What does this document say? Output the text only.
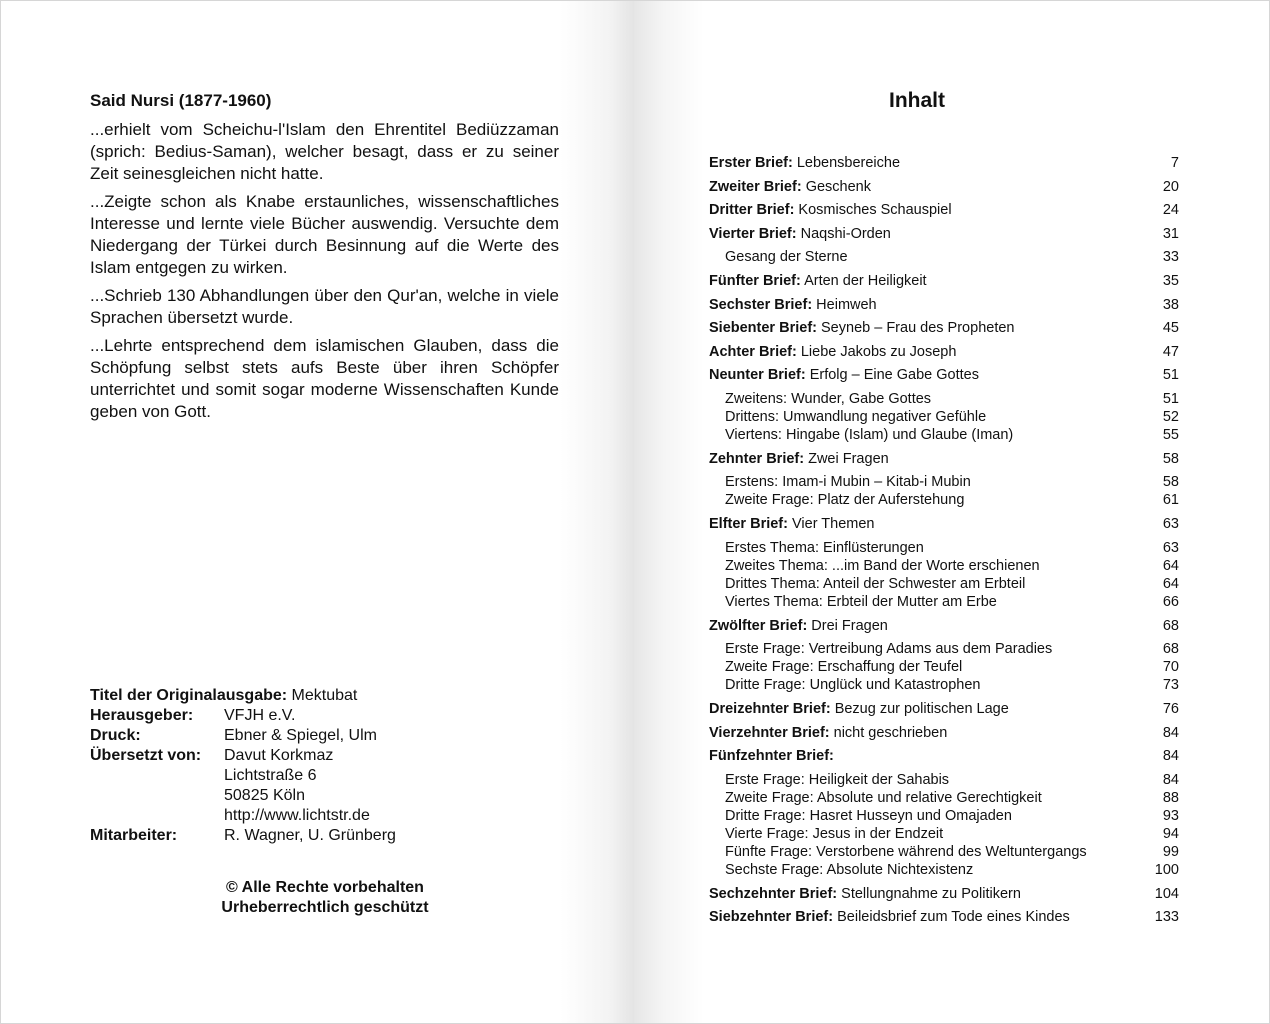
Said Nursi (1877-1960)

...erhielt vom Scheichu-l'Islam den Ehrentitel Bediüzzaman (sprich: Bedius-Saman), welcher besagt, dass er zu seiner Zeit seinesgleichen nicht hatte.

...Zeigte schon als Knabe erstaunliches, wissenschaftliches Interesse und lernte viele Bücher auswendig. Versuchte dem Niedergang der Türkei durch Besinnung auf die Werte des Islam entgegen zu wirken.

...Schrieb 130 Abhandlungen über den Qur'an, welche in viele Sprachen übersetzt wurde.

...Lehrte entsprechend dem islamischen Glauben, dass die Schöpfung selbst stets aufs Beste über ihren Schöpfer unterrichtet und somit sogar moderne Wissenschaften Kunde geben von Gott.

Titel der Originalausgabe:
Mektubat
Herausgeber:	VFJH e.V.
Druck:	Ebner & Spiegel, Ulm
Übersetzt von:	Davut Korkmaz
Lichtstraße 6
50825 Köln
http://www.lichtstr.de
Mitarbeiter:	R. Wagner, U. Grünberg
© Alle Rechte vorbehalten
Urheberrechtlich geschützt
Inhalt
Erster Brief: Lebensbereiche	7
Zweiter Brief: Geschenk	20
Dritter Brief: Kosmisches Schauspiel	24
Vierter Brief: Naqshi-Orden	31
Gesang der Sterne	33
Fünfter Brief: Arten der Heiligkeit	35
Sechster Brief: Heimweh	38
Siebenter Brief: Seyneb – Frau des Propheten	45
Achter Brief: Liebe Jakobs zu Joseph	47
Neunter Brief: Erfolg – Eine Gabe Gottes	51
Zweitens: Wunder, Gabe Gottes	51
Drittens: Umwandlung negativer Gefühle	52
Viertens: Hingabe (Islam) und Glaube (Iman)	55
Zehnter Brief: Zwei Fragen	58
Erstens: Imam-i Mubin – Kitab-i Mubin	58
Zweite Frage: Platz der Auferstehung	61
Elfter Brief: Vier Themen	63
Erstes Thema: Einflüsterungen	63
Zweites Thema: ...im Band der Worte erschienen	64
Drittes Thema: Anteil der Schwester am Erbteil	64
Viertes Thema: Erbteil der Mutter am Erbe	66
Zwölfter Brief: Drei Fragen	68
Erste Frage: Vertreibung Adams aus dem Paradies	68
Zweite Frage: Erschaffung der Teufel	70
Dritte Frage: Unglück und Katastrophen	73
Dreizehnter Brief: Bezug zur politischen Lage	76
Vierzehnter Brief: nicht geschrieben	84
Fünfzehnter Brief:	84
Erste Frage: Heiligkeit der Sahabis	84
Zweite Frage: Absolute und relative Gerechtigkeit	88
Dritte Frage: Hasret Husseyn und Omajaden	93
Vierte Frage: Jesus in der Endzeit	94
Fünfte Frage: Verstorbene während des Weltuntergangs	99
Sechste Frage: Absolute Nichtexistenz	100
Sechzehnter Brief: Stellungnahme zu Politikern	104
Siebzehnter Brief: Beileidsbrief zum Tode eines Kindes	133
